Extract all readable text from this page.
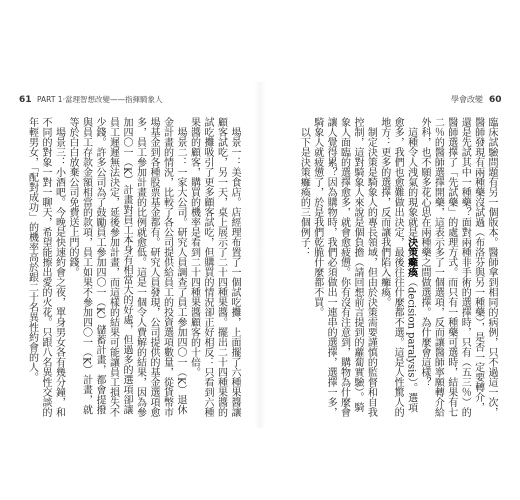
61 PART 1‧當理智想改變——指揮騎象人	學會改變 60

臨床試驗問題有另一個版本。醫師拿到相同的病例，只不過這一次，醫師發現有兩種藥沒試過（布洛芬與另一種藥），是否一定要轉介，還是先試其中一種藥？面對兩種非手術的選擇時，只有（五三％）的醫師選擇了「先試藥」的處理方式。而只有一種藥可選時，結果有七二％的醫師選擇開藥，這表示多了一個選項，反而讓醫師寧願轉介給外科，也不願多花心思在兩種藥之間做選擇。為什麼會這樣？

這種令人洩氣的現象就是決策癱瘓（decision paralysis）。選項愈多，我們也愈難做出決定，最後往往什麼都不選。這是人性驚人的地方：更多的選擇，反而讓我們陷入癱瘓。

制定決策是騎象人的專長領域，但由於決策需要謹慎的監督和自我控制，這對騎象人來說是個負擔（請回想前言提到的蘿蔔實驗）。騎象人面臨的選擇愈多，就會愈疲憊。你有沒有注意到，購物為什麼會讓人覺得累？因為購物時，我們必須做出一連串的選擇，選擇一多，騎象人就疲憊了，於是我們乾脆什麼都不買。

以下是決策癱瘓的三個例子：

場景一：美食店。店經理布置了一個試吃攤，上面擺了六種果醬讓顧客試吃，另一天，桌上展示了二十四種果醬。擺出二十四種果醬的試吃攤吸引了更多顧客試吃，但購買的情況卻正好相反：只看到六種果醬的顧客，購買的機率是看到二十四種果醬顧客的十倍。

場景二：一家大公司。研究人員調查了員工參加四〇一（K）退休金計畫的情況，比較了各公司提供給員工的投資選項數量，從貨幣市場基金到各種股票基金都有。研究人員發現，公司提供的基金選項愈多，員工參加計畫的比例就愈低。這是一個令人費解的結果，因為參加四〇一（K）計畫對員工本身有相當大的好處，但過多的選項卻讓員工遲遲無法決定，延後參加計畫，而這樣的結果可能讓員工損失不少錢。許多公司為了鼓勵員工參加四〇一（K）儲蓄計畫，都會提撥與員工存款金額相當的款項，員工如果不參加四〇一（K）計畫，就等於白白放棄公司免費送上門的錢。

場景三：小酒吧。今晚是快速約會之夜，單身男女各有幾分鐘，和不同的對象一對一聊天，希望能擦出愛的火花。只跟八名異性交談的年輕男女，「配對成功」的機率高於跟二十名異性約會的人。
